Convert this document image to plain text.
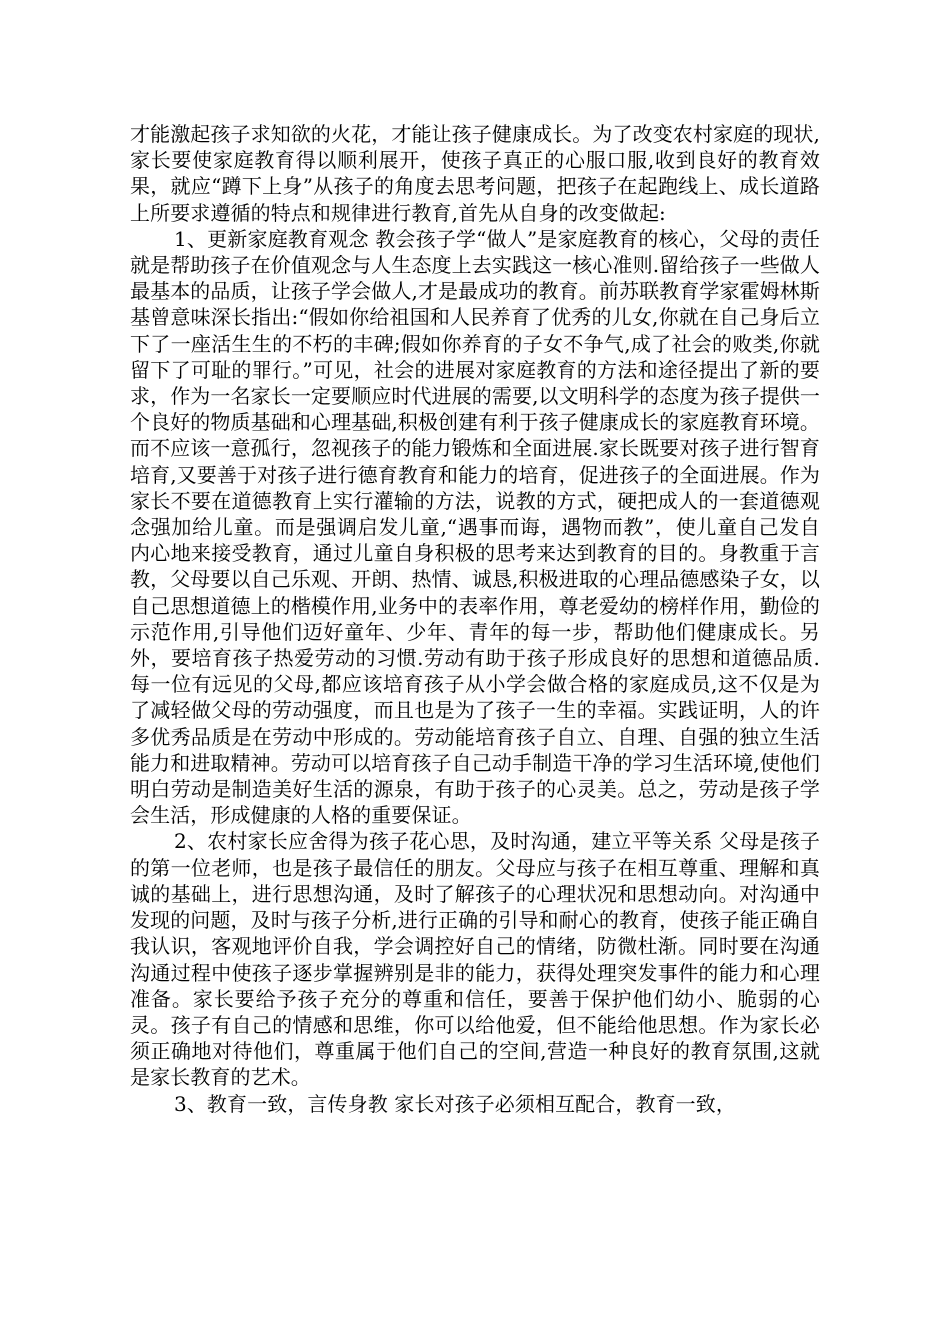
才能激起孩子求知欲的火花，才能让孩子健康成长。为了改变农村家庭的现状,家长要使家庭教育得以顺利展开，使孩子真正的心服口服,收到良好的教育效果，就应“蹲下上身”从孩子的角度去思考问题，把孩子在起跑线上、成长道路上所要求遵循的特点和规律进行教育,首先从自身的改变做起:

1、更新家庭教育观念 教会孩子学“做人”是家庭教育的核心，父母的责任就是帮助孩子在价值观念与人生态度上去实践这一核心准则.留给孩子一些做人最基本的品质，让孩子学会做人,才是最成功的教育。前苏联教育学家霍姆林斯基曾意味深长指出:“假如你给祖国和人民养育了优秀的儿女,你就在自己身后立下了一座活生生的不朽的丰碑;假如你养育的子女不争气,成了社会的败类,你就留下了可耻的罪行。”可见，社会的进展对家庭教育的方法和途径提出了新的要求，作为一名家长一定要顺应时代进展的需要,以文明科学的态度为孩子提供一个良好的物质基础和心理基础,积极创建有利于孩子健康成长的家庭教育环境。而不应该一意孤行，忽视孩子的能力锻炼和全面进展.家长既要对孩子进行智育培育,又要善于对孩子进行德育教育和能力的培育，促进孩子的全面进展。作为家长不要在道德教育上实行灌输的方法，说教的方式，硬把成人的一套道德观念强加给儿童。而是强调启发儿童,“遇事而诲，遇物而教”，使儿童自己发自内心地来接受教育，通过儿童自身积极的思考来达到教育的目的。身教重于言教，父母要以自己乐观、开朗、热情、诚恳,积极进取的心理品德感染子女，以自己思想道德上的楷模作用,业务中的表率作用，尊老爱幼的榜样作用，勤俭的示范作用,引导他们迈好童年、少年、青年的每一步，帮助他们健康成长。另外，要培育孩子热爱劳动的习惯.劳动有助于孩子形成良好的思想和道德品质.每一位有远见的父母,都应该培育孩子从小学会做合格的家庭成员,这不仅是为了减轻做父母的劳动强度，而且也是为了孩子一生的幸福。实践证明，人的许多优秀品质是在劳动中形成的。劳动能培育孩子自立、自理、自强的独立生活能力和进取精神。劳动可以培育孩子自己动手制造干净的学习生活环境,使他们明白劳动是制造美好生活的源泉，有助于孩子的心灵美。总之，劳动是孩子学会生活，形成健康的人格的重要保证。

2、农村家长应舍得为孩子花心思，及时沟通，建立平等关系 父母是孩子的第一位老师，也是孩子最信任的朋友。父母应与孩子在相互尊重、理解和真诚的基础上，进行思想沟通，及时了解孩子的心理状况和思想动向。对沟通中发现的问题，及时与孩子分析,进行正确的引导和耐心的教育，使孩子能正确自我认识，客观地评价自我，学会调控好自己的情绪，防微杜渐。同时要在沟通沟通过程中使孩子逐步掌握辨别是非的能力，获得处理突发事件的能力和心理准备。家长要给予孩子充分的尊重和信任，要善于保护他们幼小、脆弱的心灵。孩子有自己的情感和思维，你可以给他爱，但不能给他思想。作为家长必须正确地对待他们，尊重属于他们自己的空间,营造一种良好的教育氛围,这就是家长教育的艺术。

3、教育一致，言传身教 家长对孩子必须相互配合，教育一致，
